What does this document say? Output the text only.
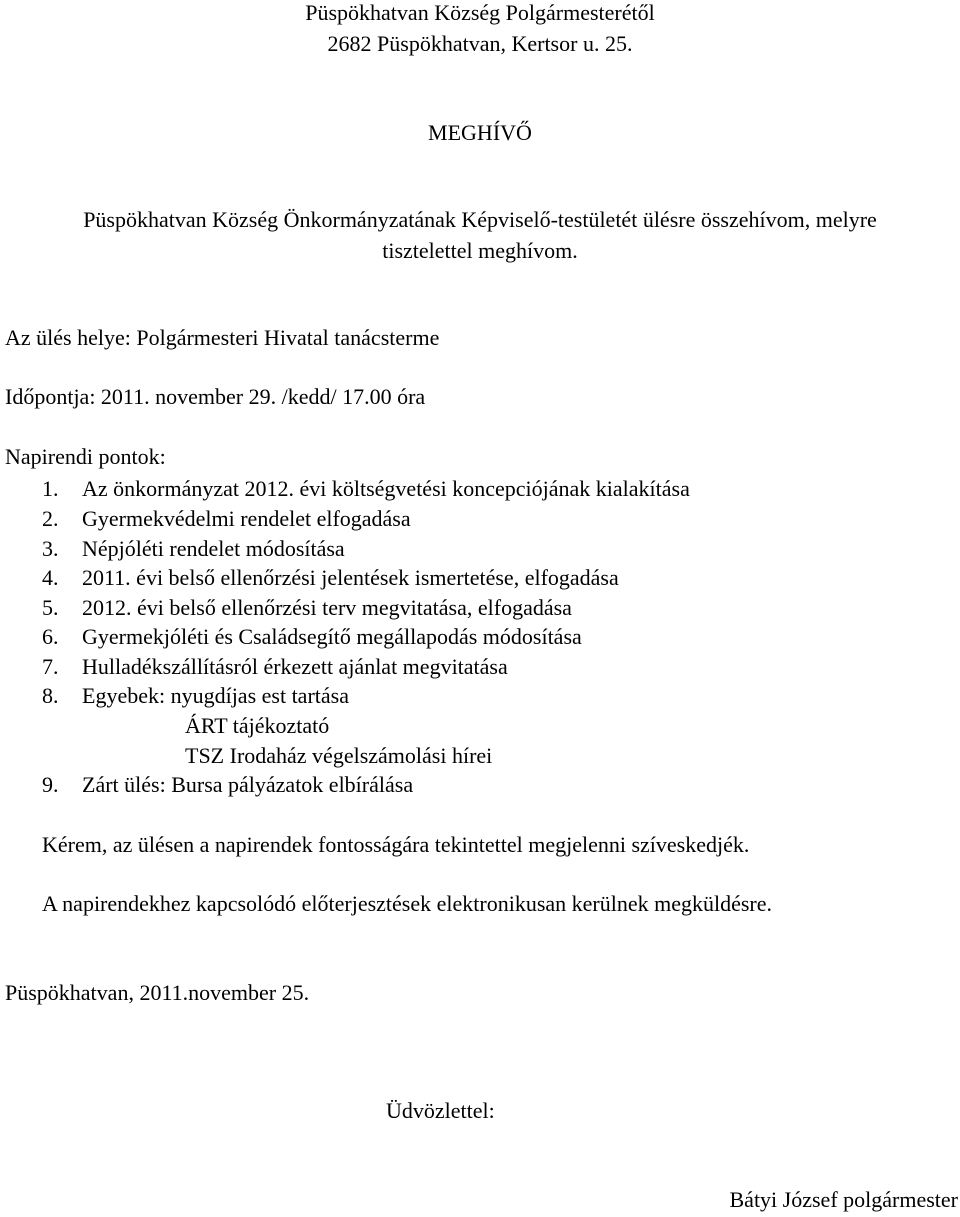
Püspökhatvan Község Polgármesterétől
2682 Püspökhatvan, Kertsor u. 25.
MEGHÍVŐ
Püspökhatvan Község Önkormányzatának Képviselő-testületét ülésre összehívom, melyre
tisztelettel meghívom.
Az ülés helye: Polgármesteri Hivatal tanácsterme
Időpontja: 2011. november 29. /kedd/ 17.00 óra
Napirendi pontok:
1. Az önkormányzat 2012. évi költségvetési koncepciójának kialakítása
2. Gyermekvédelmi rendelet elfogadása
3. Népjóléti rendelet módosítása
4. 2011. évi belső ellenőrzési jelentések ismertetése, elfogadása
5. 2012. évi belső ellenőrzési terv megvitatása, elfogadása
6. Gyermekjóléti és Családsegítő megállapodás módosítása
7. Hulladékszállításról érkezett ajánlat megvitatása
8. Egyebek: nyugdíjas est tartása
ÁRT tájékoztató
TSZ Irodaház végelszámolási hírei
9. Zárt ülés: Bursa pályázatok elbírálása
Kérem, az ülésen a napirendek fontosságára tekintettel megjelenni szíveskedjék.
A napirendekhez kapcsolódó előterjesztések elektronikusan kerülnek megküldésre.
Püspökhatvan, 2011.november 25.
Üdvözlettel:
Bátyi József polgármester
